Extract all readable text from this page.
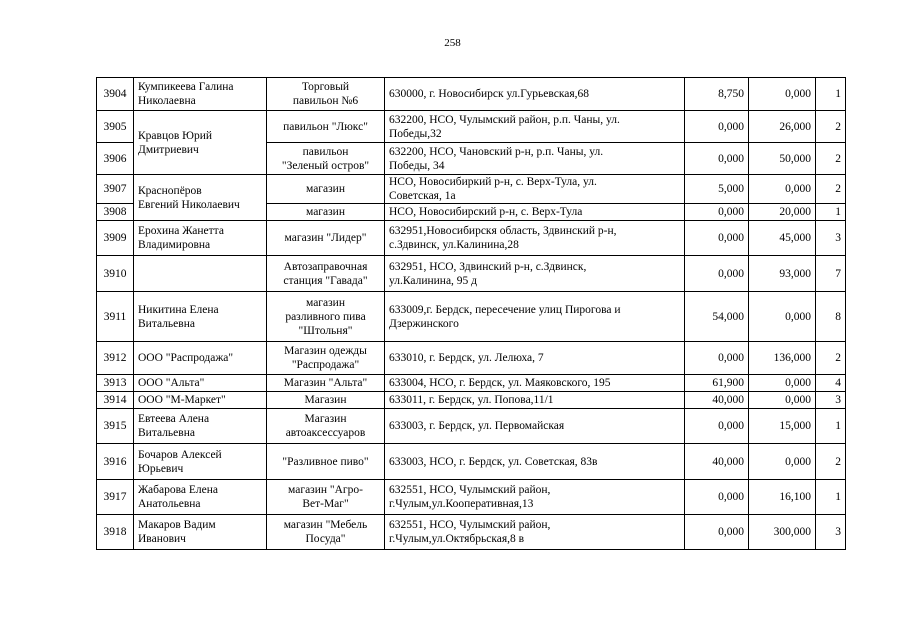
258
3904	Кумпикеева Галина
Николаевна	Торговый
павильон №6	630000, г. Новосибирск ул.Гурьевская,68	8,750	0,000	1
3905	Кравцов Юрий
Дмитриевич	павильон "Люкс"	632200, НСО, Чулымский район, р.п. Чаны, ул.
Победы,32	0,000	26,000	2
3906		павильон
"Зеленый остров"	632200, НСО, Чановский р-н, р.п. Чаны, ул.
Победы, 34	0,000	50,000	2
3907	Краснопёров
Евгений Николаевич	магазин	НСО, Новосибиркий р-н, с. Верх-Тула, ул.
Советская, 1а	5,000	0,000	2
3908		магазин	НСО, Новосибирский р-н, с. Верх-Тула	0,000	20,000	1
3909	Ерохина Жанетта
Владимировна	магазин "Лидер"	632951,Новосибирскя область, Здвинский р-н,
с.Здвинск, ул.Калинина,28	0,000	45,000	3
3910		Автозаправочная
станция "Гавада"	632951, НСО, Здвинский р-н, с.Здвинск,
ул.Калинина, 95 д	0,000	93,000	7
3911	Никитина Елена
Витальевна	магазин
разливного пива
"Штольня"	633009,г. Бердск, пересечение улиц Пирогова и
Дзержинского	54,000	0,000	8
3912	ООО "Распродажа"	Магазин одежды
"Распродажа"	633010, г. Бердск, ул. Лелюха, 7	0,000	136,000	2
3913	ООО "Альта"	Магазин "Альта"	633004, НСО, г. Бердск, ул. Маяковского, 195	61,900	0,000	4
3914	ООО "М-Маркет"	Магазин	633011, г. Бердск, ул. Попова,11/1	40,000	0,000	3
3915	Евтеева Алена
Витальевна	Магазин
автоаксессуаров	633003, г. Бердск, ул. Первомайская	0,000	15,000	1
3916	Бочаров Алексей
Юрьевич	"Разливное пиво"	633003, НСО, г. Бердск, ул. Советская, 83в	40,000	0,000	2
3917	Жабарова Елена
Анатольевна	магазин "Агро-
Вет-Маг"	632551, НСО, Чулымский район,
г.Чулым,ул.Кооперативная,13	0,000	16,100	1
3918	Макаров Вадим
Иванович	магазин "Мебель
Посуда"	632551, НСО, Чулымский район,
г.Чулым,ул.Октябрьская,8 в	0,000	300,000	3
